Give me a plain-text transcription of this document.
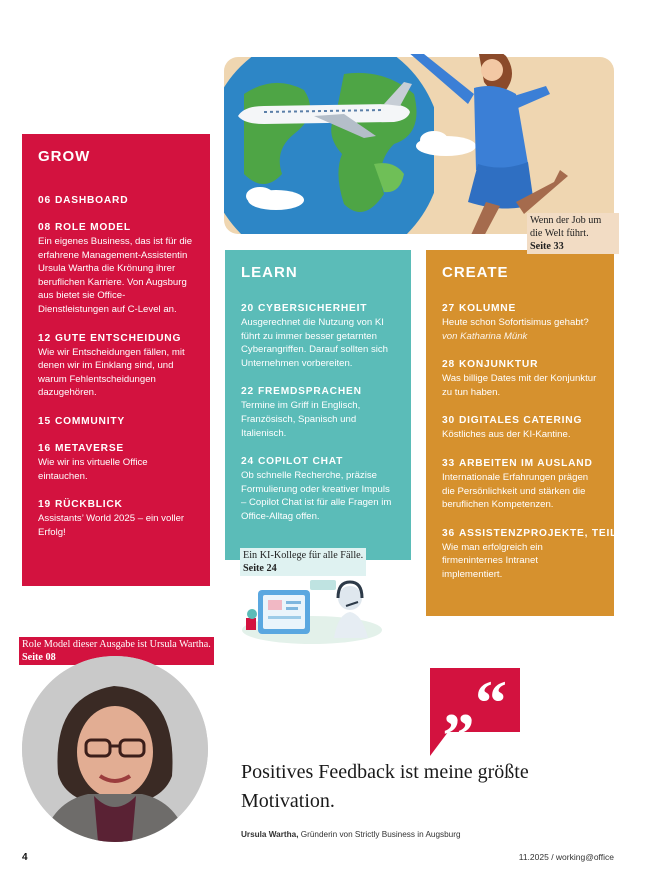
GROW
06 DASHBOARD
08 ROLE MODEL
Ein eigenes Business, das ist für die erfahrene Management-Assistentin Ursula Wartha die Krönung ihrer beruflichen Karriere. Von Augsburg aus bietet sie Office-Dienstleistungen auf C-Level an.
12 GUTE ENTSCHEIDUNG
Wie wir Entscheidungen fällen, mit denen wir im Einklang sind, und warum Fehlentscheidungen dazugehören.
15 COMMUNITY
16 METAVERSE
Wie wir ins virtuelle Office eintauchen.
19 RÜCKBLICK
Assistants’ World 2025 – ein voller Erfolg!
LEARN
20 CYBERSICHERHEIT
Ausgerechnet die Nutzung von KI führt zu immer besser getarnten Cyberangriffen. Darauf sollten sich Unternehmen vorbereiten.
22 FREMDSPRACHEN
Termine im Griff in Englisch, Französisch, Spanisch und Italienisch.
24 COPILOT CHAT
Ob schnelle Recherche, präzise Formulierung oder kreativer Impuls – Copilot Chat ist für alle Fragen im Office-Alltag offen.
CREATE
27 KOLUMNE
Heute schon Sofortisimus gehabt?
von Katharina Münk
28 KONJUNKTUR
Was billige Dates mit der Konjunktur zu tun haben.
30 DIGITALES CATERING
Köstliches aus der KI-Kantine.
33 ARBEITEN IM AUSLAND
Internationale Erfahrungen prägen die Persönlichkeit und stärken die beruflichen Kompetenzen.
36 ASSISTENZPROJEKTE, TEIL 6
Wie man erfolgreich ein firmeninternes Intranet implementiert.
Wenn der Job um die Welt führt.
Seite 33
Ein KI-Kollege für alle Fälle.
Seite 24
Role Model dieser Ausgabe ist Ursula Wartha.
Seite 08
„“
Positives Feedback ist meine größte Motivation.
Ursula Wartha, Gründerin von Strictly Business in Augsburg
4	11.2025 / working@office
